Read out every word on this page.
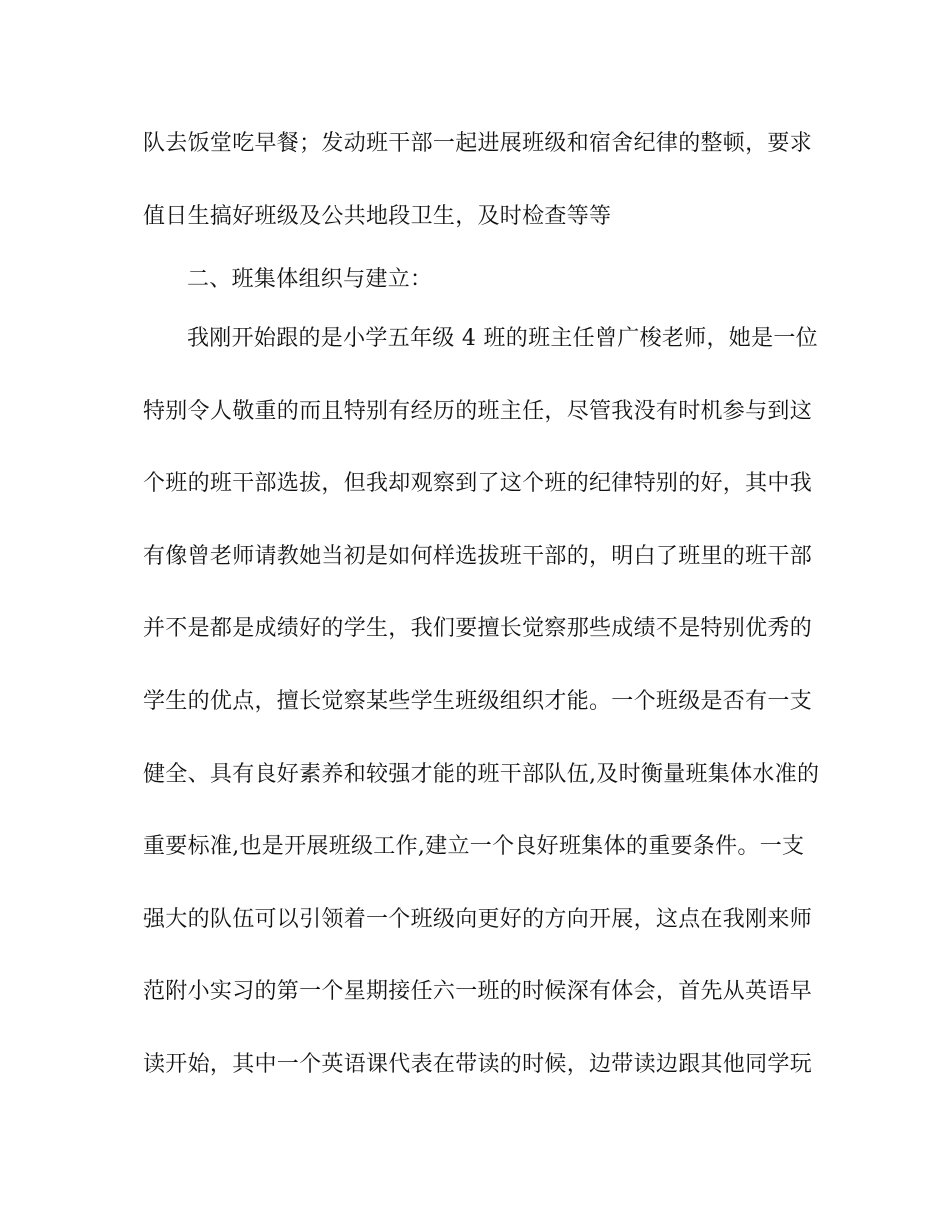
队去饭堂吃早餐；发动班干部一起进展班级和宿舍纪律的整顿，要求
值日生搞好班级及公共地段卫生，及时检查等等
二、班集体组织与建立：
我刚开始跟的是小学五年级 4 班的班主任曾广梭老师，她是一位
特别令人敬重的而且特别有经历的班主任，尽管我没有时机参与到这
个班的班干部选拔，但我却观察到了这个班的纪律特别的好，其中我
有像曾老师请教她当初是如何样选拔班干部的，明白了班里的班干部
并不是都是成绩好的学生，我们要擅长觉察那些成绩不是特别优秀的
学生的优点，擅长觉察某些学生班级组织才能。一个班级是否有一支
健全、具有良好素养和较强才能的班干部队伍,及时衡量班集体水准的
重要标准,也是开展班级工作,建立一个良好班集体的重要条件。一支
强大的队伍可以引领着一个班级向更好的方向开展，这点在我刚来师
范附小实习的第一个星期接任六一班的时候深有体会，首先从英语早
读开始，其中一个英语课代表在带读的时候，边带读边跟其他同学玩
